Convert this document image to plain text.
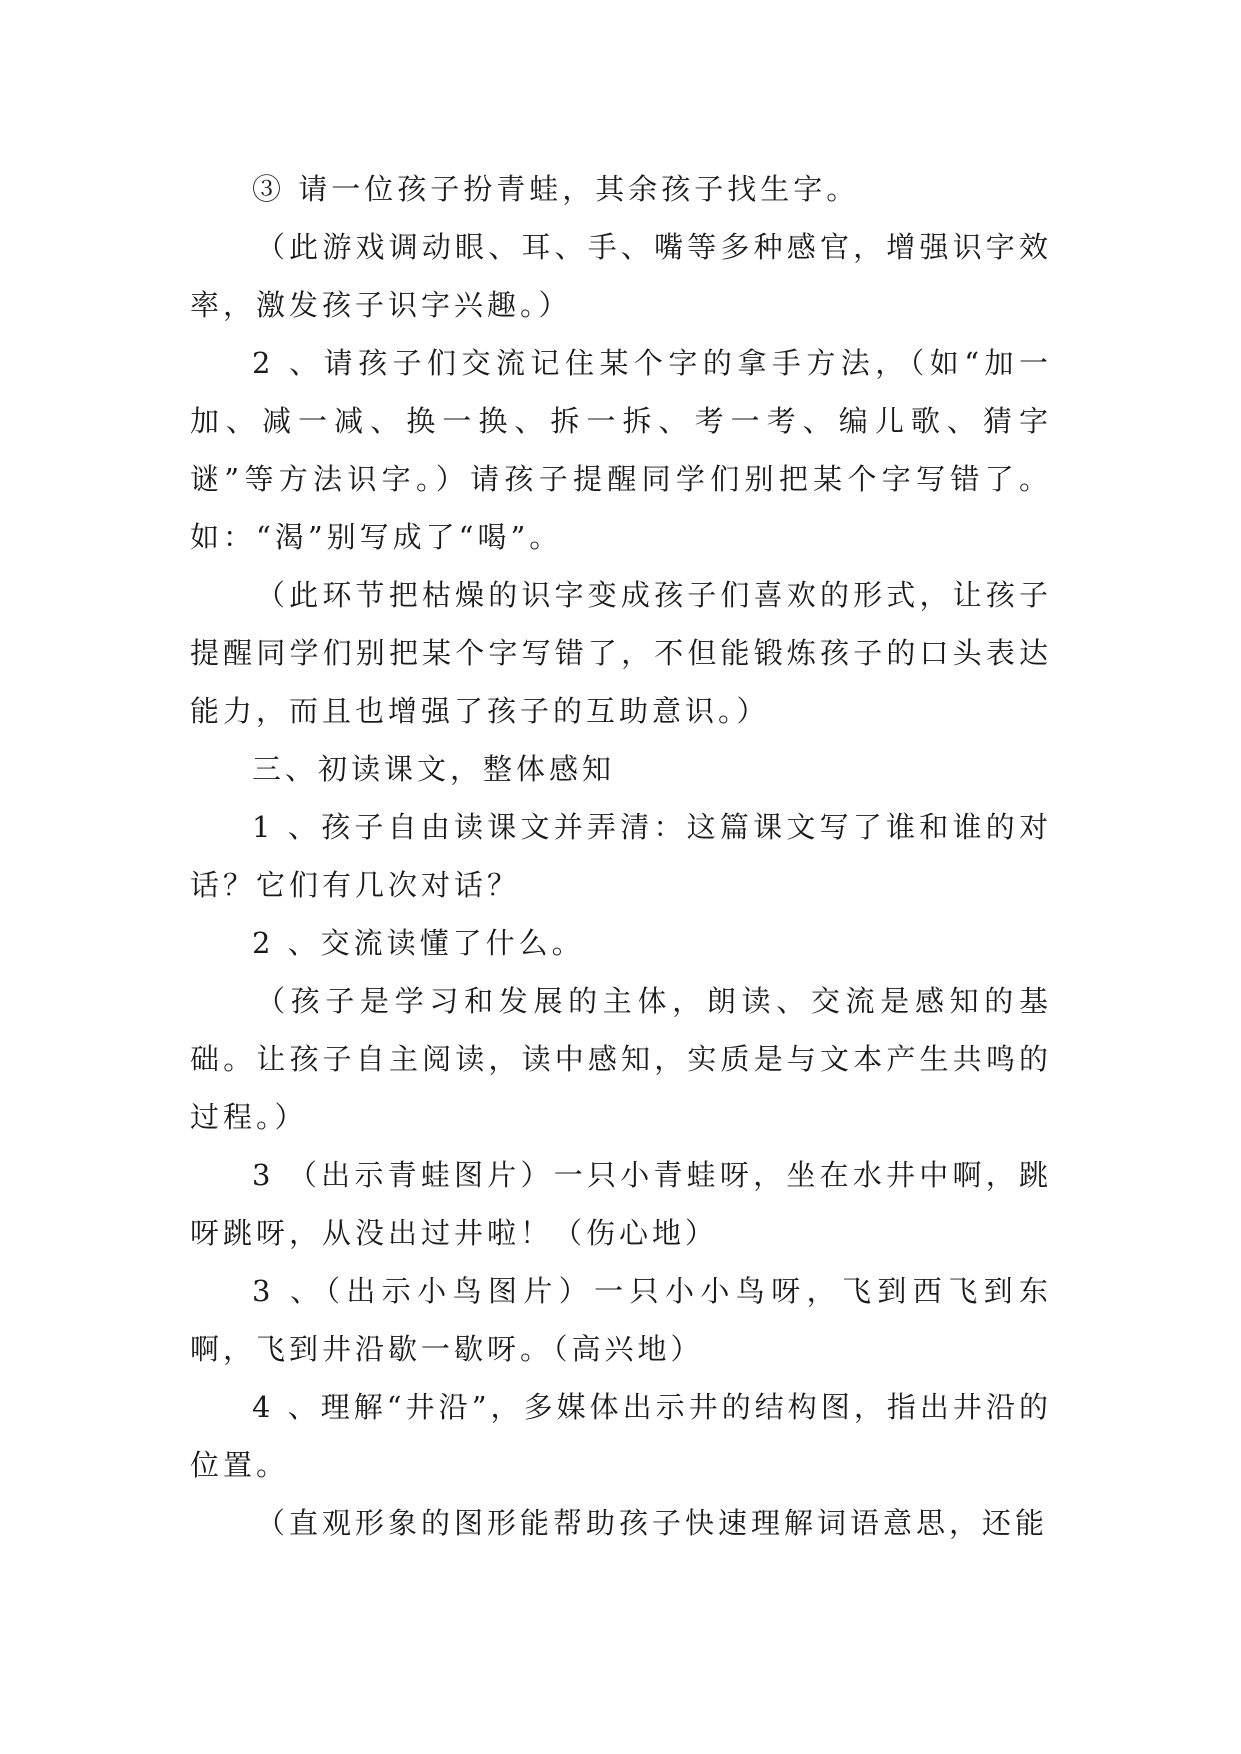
③ 请一位孩子扮青蛙，其余孩子找生字。

（此游戏调动眼、耳、手、嘴等多种感官，增强识字效率，激发孩子识字兴趣。）

2 、请孩子们交流记住某个字的拿手方法，（如“加一加、减一减、换一换、拆一拆、考一考、编儿歌、猜字谜”等方法识字。）请孩子提醒同学们别把某个字写错了。如：“渴”别写成了“喝”。

（此环节把枯燥的识字变成孩子们喜欢的形式，让孩子提醒同学们别把某个字写错了，不但能锻炼孩子的口头表达能力，而且也增强了孩子的互助意识。）

三、初读课文，整体感知

1 、孩子自由读课文并弄清：这篇课文写了谁和谁的对话？它们有几次对话？

2 、交流读懂了什么。

（孩子是学习和发展的主体，朗读、交流是感知的基础。让孩子自主阅读，读中感知，实质是与文本产生共鸣的过程。）

3 （出示青蛙图片）一只小青蛙呀，坐在水井中啊，跳呀跳呀，从没出过井啦！（伤心地）

3 、（出示小鸟图片）一只小小鸟呀，飞到西飞到东啊，飞到井沿歇一歇呀。（高兴地）

4 、理解“井沿”，多媒体出示井的结构图，指出井沿的位置。

（直观形象的图形能帮助孩子快速理解词语意思，还能
